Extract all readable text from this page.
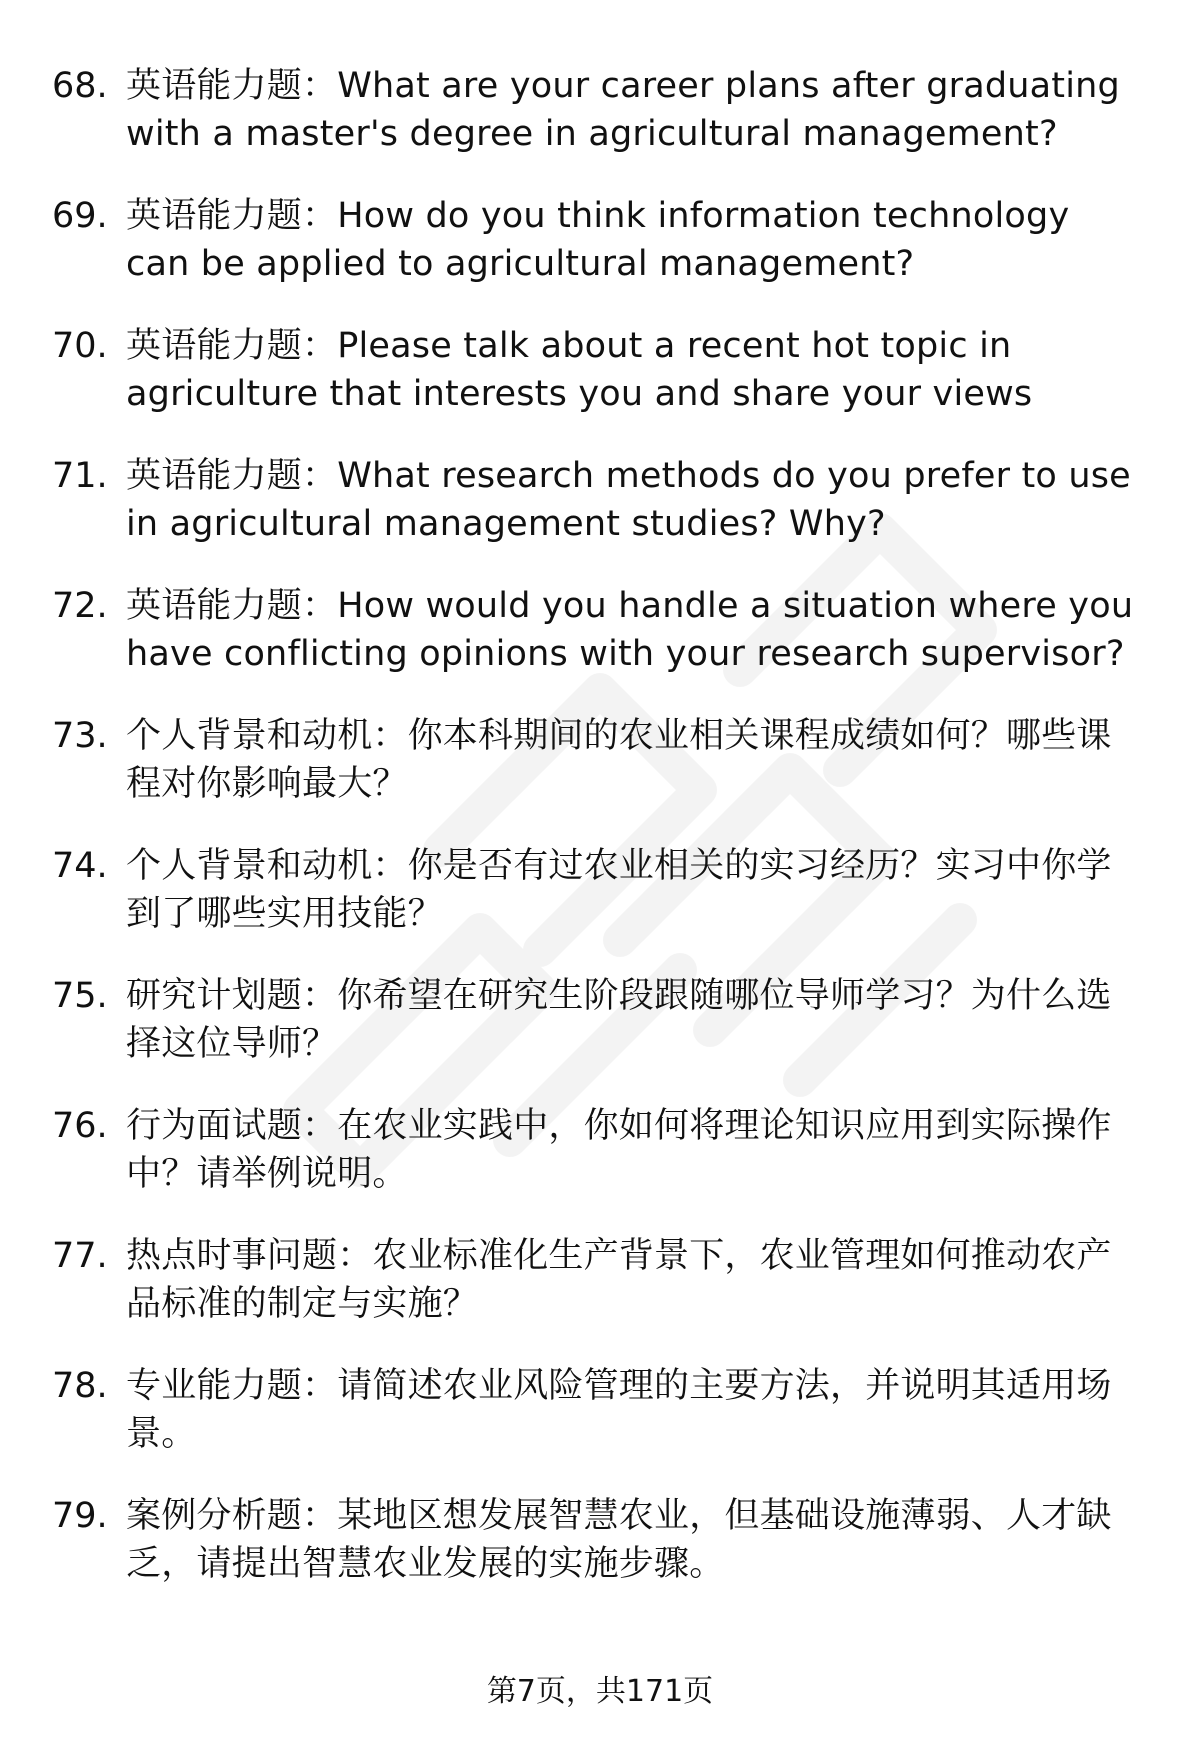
68. 英语能力题：What are your career plans after graduating with a master's degree in agricultural management?
69. 英语能力题：How do you think information technology can be applied to agricultural management?
70. 英语能力题：Please talk about a recent hot topic in agriculture that interests you and share your views
71. 英语能力题：What research methods do you prefer to use in agricultural management studies? Why?
72. 英语能力题：How would you handle a situation where you have conflicting opinions with your research supervisor?
73. 个人背景和动机：你本科期间的农业相关课程成绩如何？哪些课程对你影响最大？
74. 个人背景和动机：你是否有过农业相关的实习经历？实习中你学到了哪些实用技能？
75. 研究计划题：你希望在研究生阶段跟随哪位导师学习？为什么选择这位导师？
76. 行为面试题：在农业实践中，你如何将理论知识应用到实际操作中？请举例说明。
77. 热点时事问题：农业标准化生产背景下，农业管理如何推动农产品标准的制定与实施？
78. 专业能力题：请简述农业风险管理的主要方法，并说明其适用场景。
79. 案例分析题：某地区想发展智慧农业，但基础设施薄弱、人才缺乏，请提出智慧农业发展的实施步骤。
第7页，共171页
